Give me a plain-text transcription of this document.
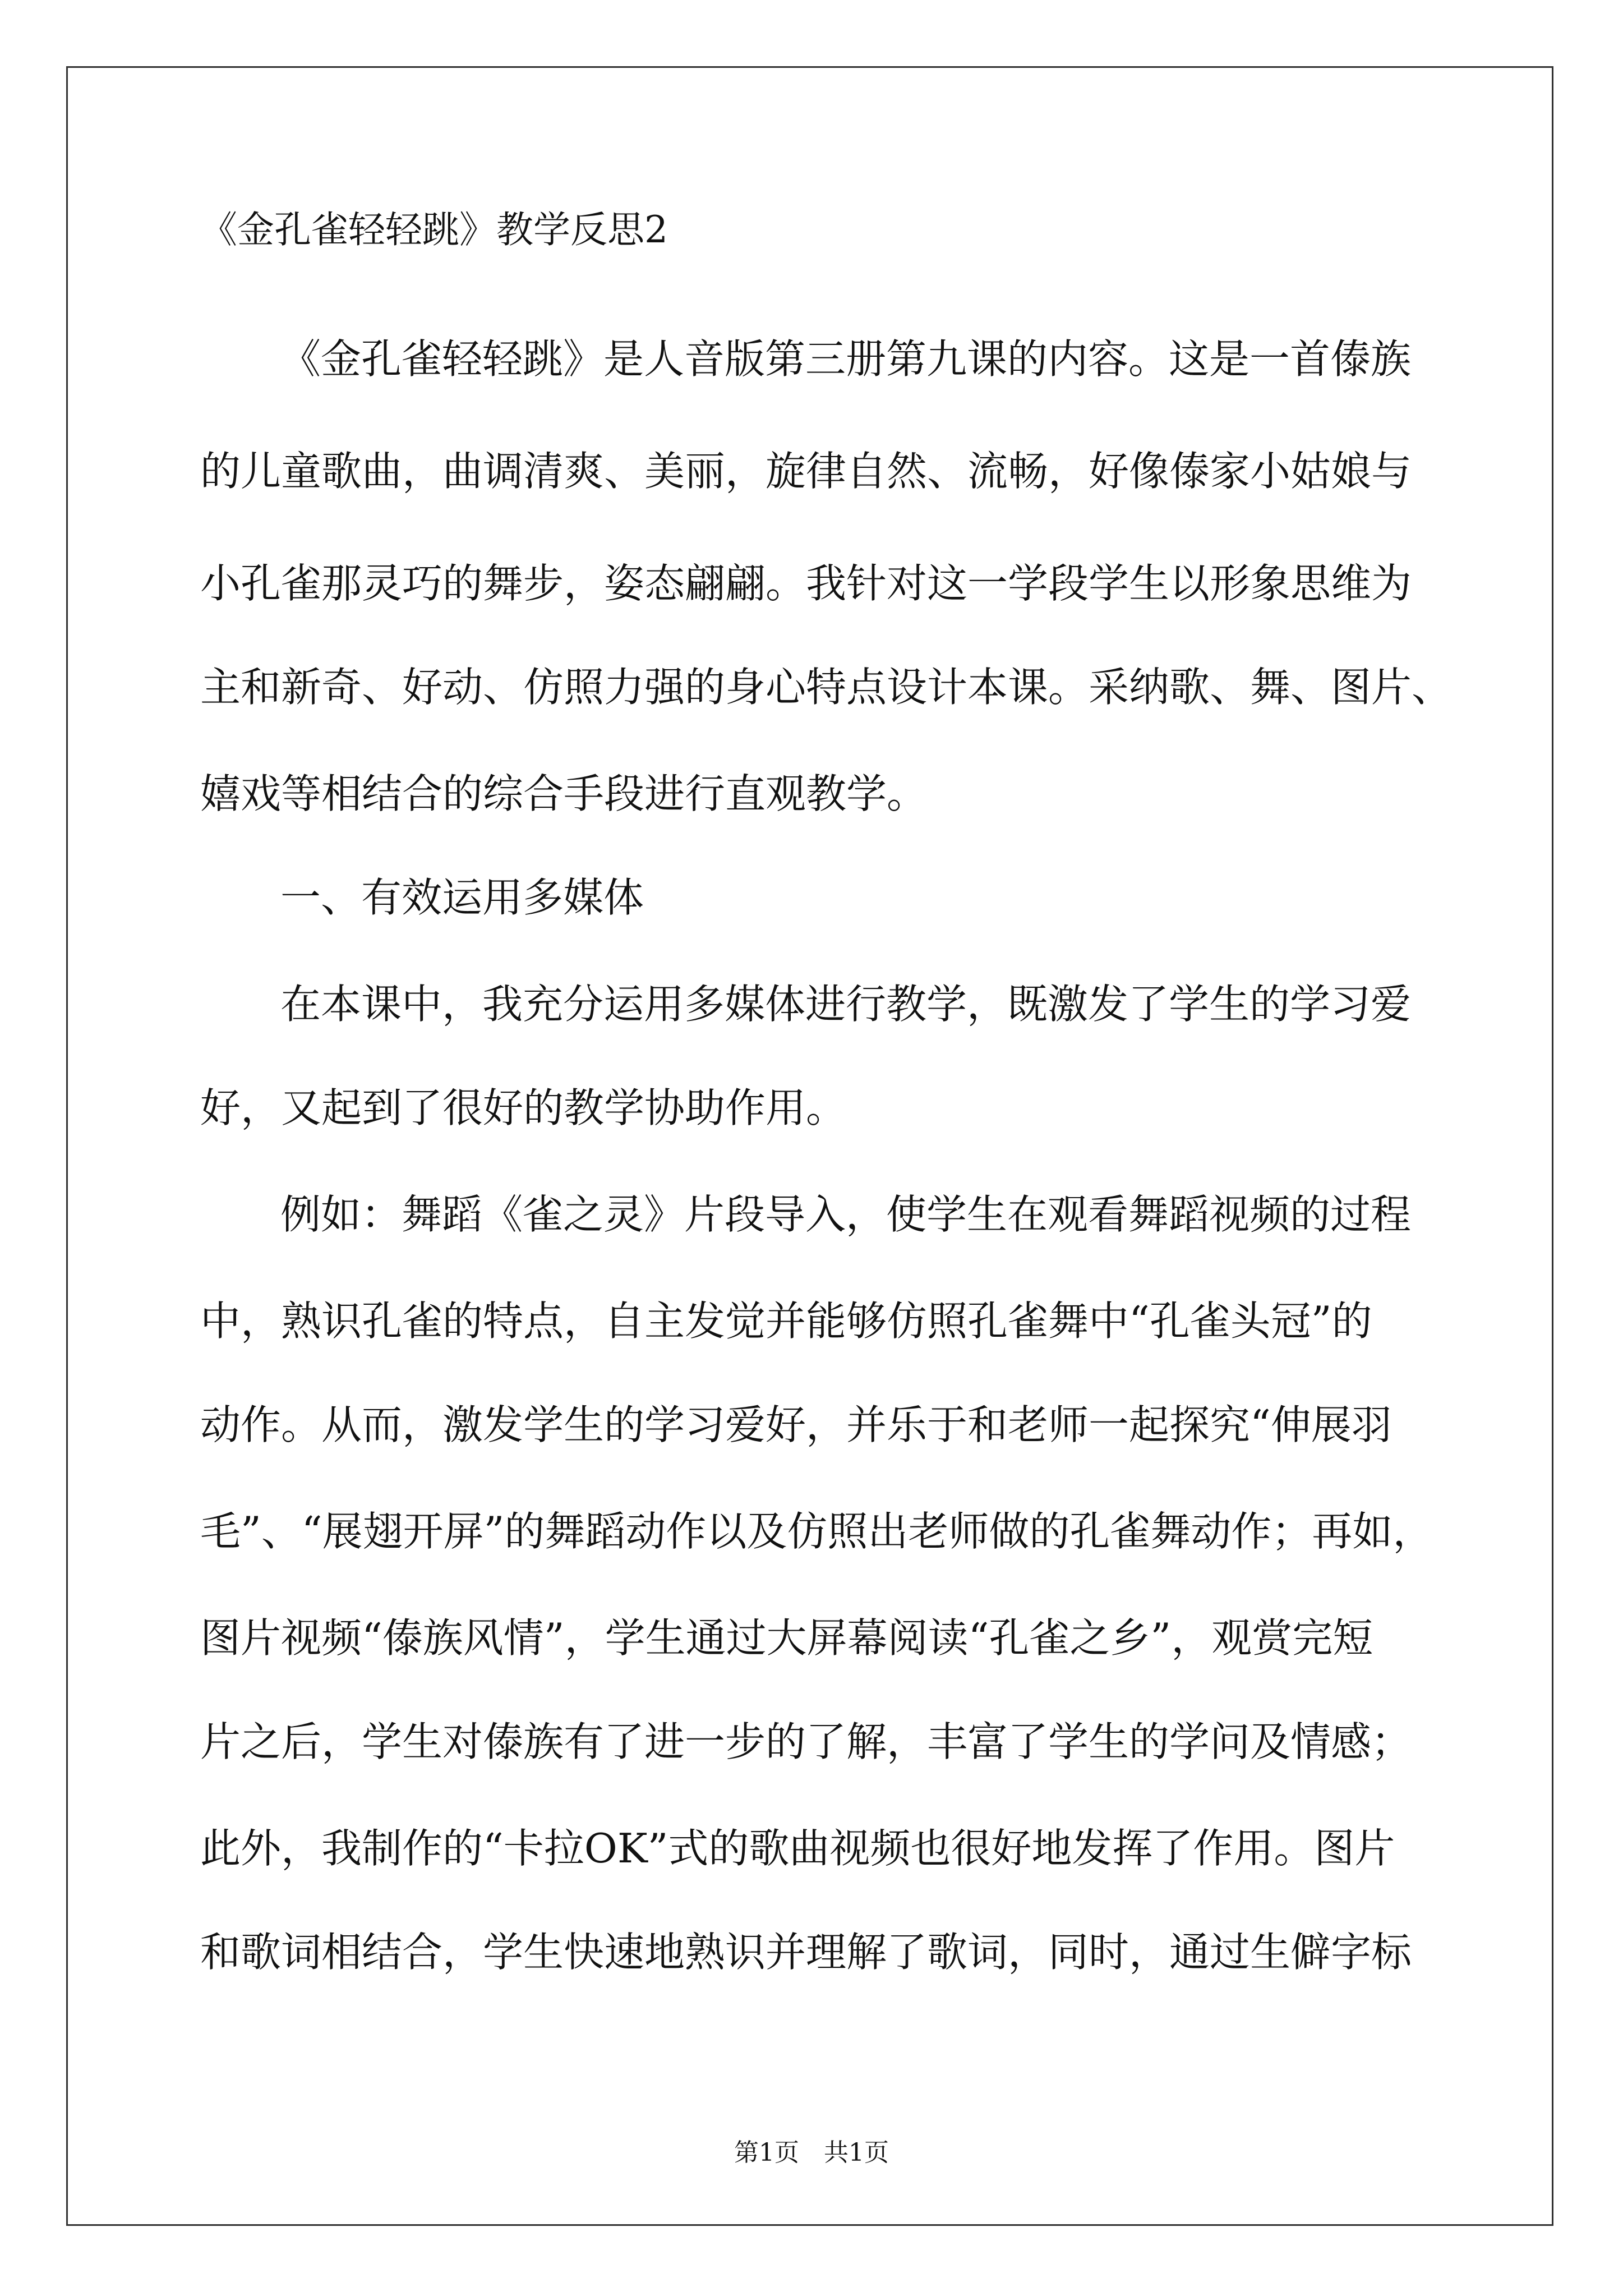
《金孔雀轻轻跳》教学反思2
《金孔雀轻轻跳》是人音版第三册第九课的内容。这是一首傣族
的儿童歌曲，曲调清爽、美丽，旋律自然、流畅，好像傣家小姑娘与
小孔雀那灵巧的舞步，姿态翩翩。我针对这一学段学生以形象思维为
主和新奇、好动、仿照力强的身心特点设计本课。采纳歌、舞、图片、
嬉戏等相结合的综合手段进行直观教学。
一、有效运用多媒体
在本课中，我充分运用多媒体进行教学，既激发了学生的学习爱
好，又起到了很好的教学协助作用。
例如：舞蹈《雀之灵》片段导入，使学生在观看舞蹈视频的过程
中，熟识孔雀的特点，自主发觉并能够仿照孔雀舞中“孔雀头冠”的
动作。从而，激发学生的学习爱好，并乐于和老师一起探究“伸展羽
毛”、“展翅开屏”的舞蹈动作以及仿照出老师做的孔雀舞动作；再如，
图片视频“傣族风情”，学生通过大屏幕阅读“孔雀之乡”，观赏完短
片之后，学生对傣族有了进一步的了解，丰富了学生的学问及情感；
此外，我制作的“卡拉OK”式的歌曲视频也很好地发挥了作用。图片
和歌词相结合，学生快速地熟识并理解了歌词，同时，通过生僻字标
第1页　共1页
